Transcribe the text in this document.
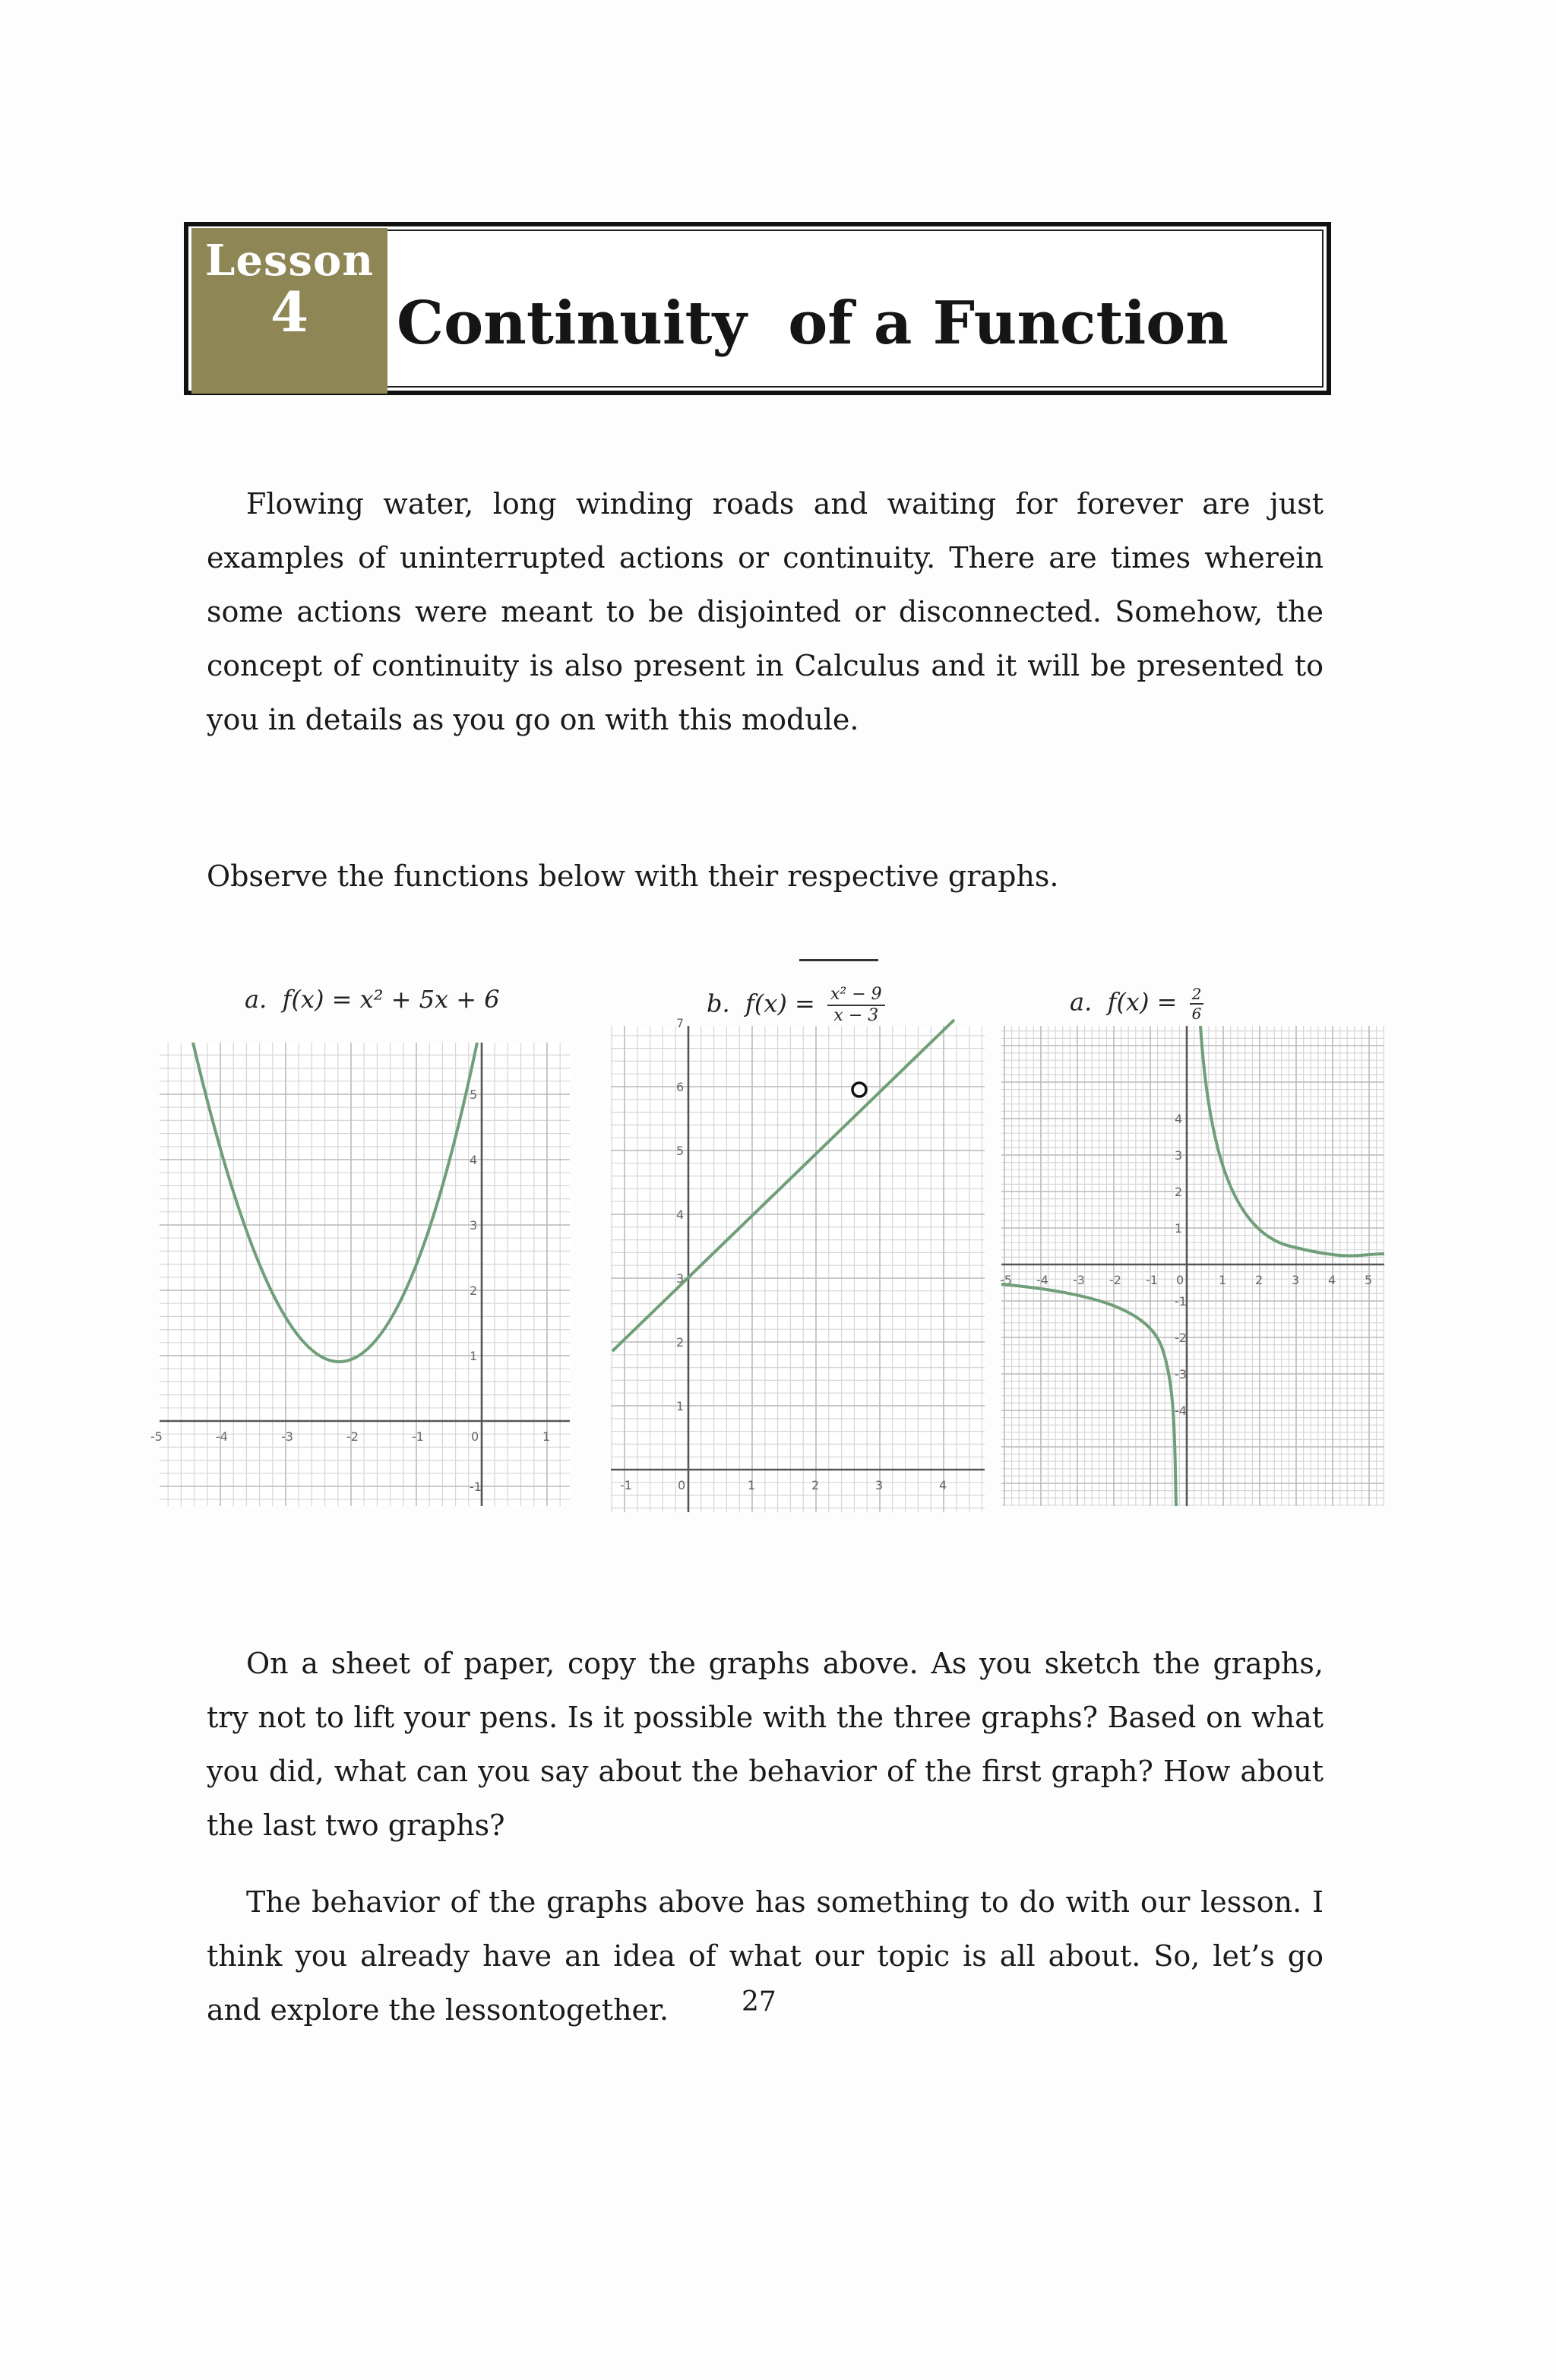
Lesson
4	Continuity  of a Function

Flowing water, long winding roads and waiting for forever are just examples of uninterrupted actions or continuity. There are times wherein some actions were meant to be disjointed or disconnected. Somehow, the concept of continuity is also present in Calculus and it will be presented to you in details as you go on with this module.

Observe the functions below with their respective graphs.

a. f(x) = x² + 5x + 6	b. $f(x) = \frac{\text{x² − 9}}{x - 3}$	a. $f(x) = \frac{2}{6}$
-5	-4	-3	-2	-1	0	1
-1
1
2
3
4
5
-1	0	1	2	3	4
1
2
3
4
5
6
7
-5 -4 -3 -2 -1 0	1 2 3 4 5
-4
-3
-2
-1
1
2
3
4

On a sheet of paper, copy the graphs above. As you sketch the graphs, try not to lift your pens. Is it possible with the three graphs? Based on what you did, what can you say about the behavior of the first graph? How about the last two graphs?

The behavior of the graphs above has something to do with our lesson. I think you already have an idea of what our topic is all about. So, let’s go and explore the lessontogether.	27
